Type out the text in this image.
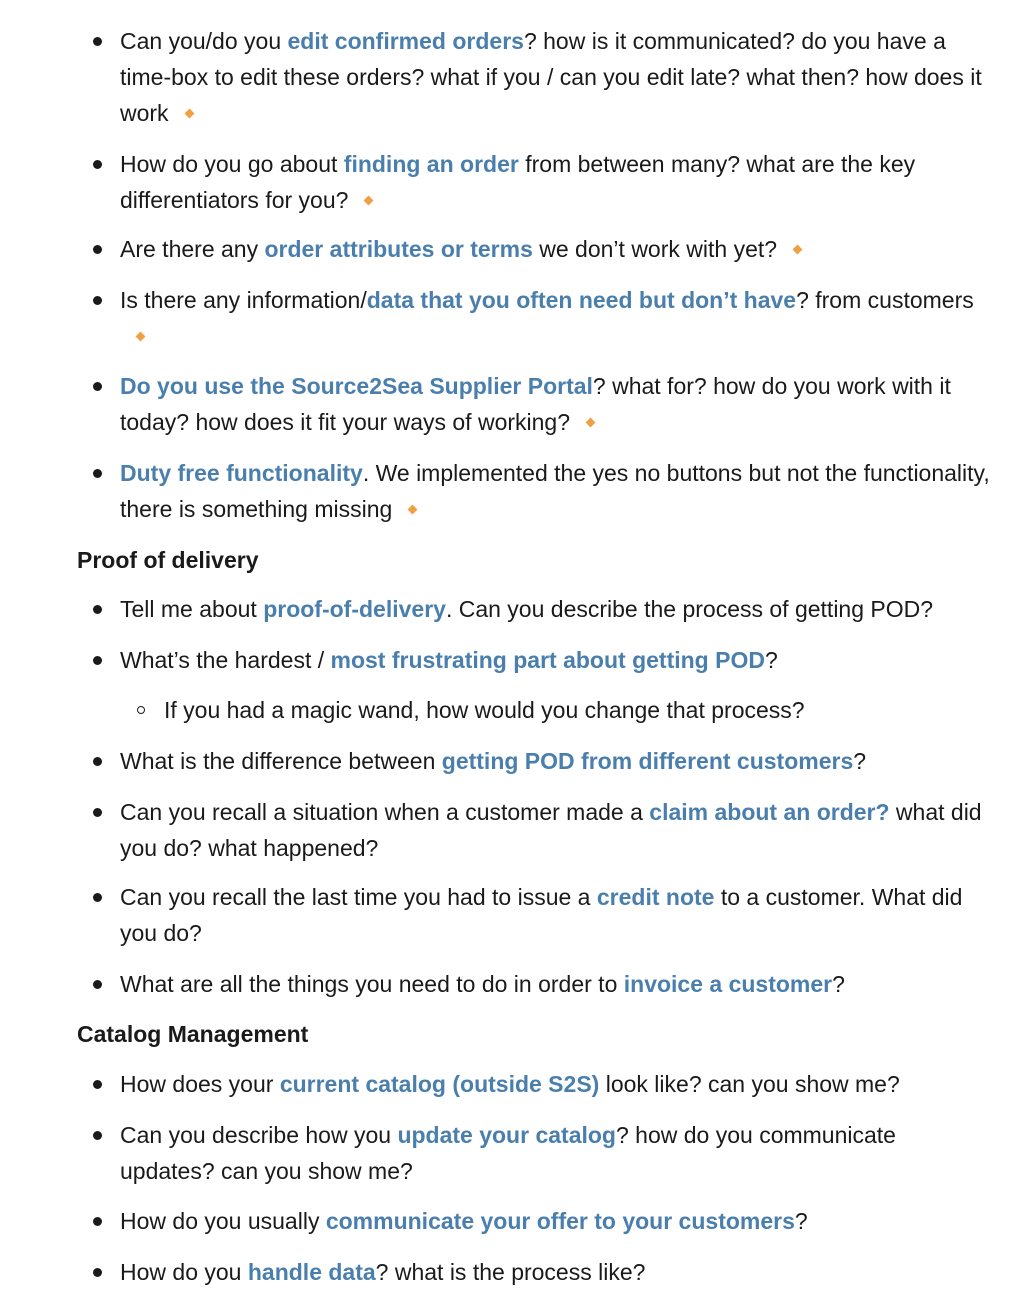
Can you/do you edit confirmed orders? how is it communicated? do you have a time-box to edit these orders? what if you / can you edit late? what then? how does it work

How do you go about finding an order from between many? what are the key differentiators for you?

Are there any order attributes or terms we don’t work with yet?

Is there any information/data that you often need but don’t have? from customers

Do you use the Source2Sea Supplier Portal? what for? how do you work with it today? how does it fit your ways of working?

Duty free functionality. We implemented the yes no buttons but not the functionality, there is something missing

Proof of delivery

Tell me about proof-of-delivery. Can you describe the process of getting POD?

What’s the hardest / most frustrating part about getting POD?

If you had a magic wand, how would you change that process?

What is the difference between getting POD from different customers?

Can you recall a situation when a customer made a claim about an order? what did you do? what happened?

Can you recall the last time you had to issue a credit note to a customer. What did you do?

What are all the things you need to do in order to invoice a customer?

Catalog Management

How does your current catalog (outside S2S) look like? can you show me?

Can you describe how you update your catalog? how do you communicate updates? can you show me?

How do you usually communicate your offer to your customers?

How do you handle data? what is the process like?
